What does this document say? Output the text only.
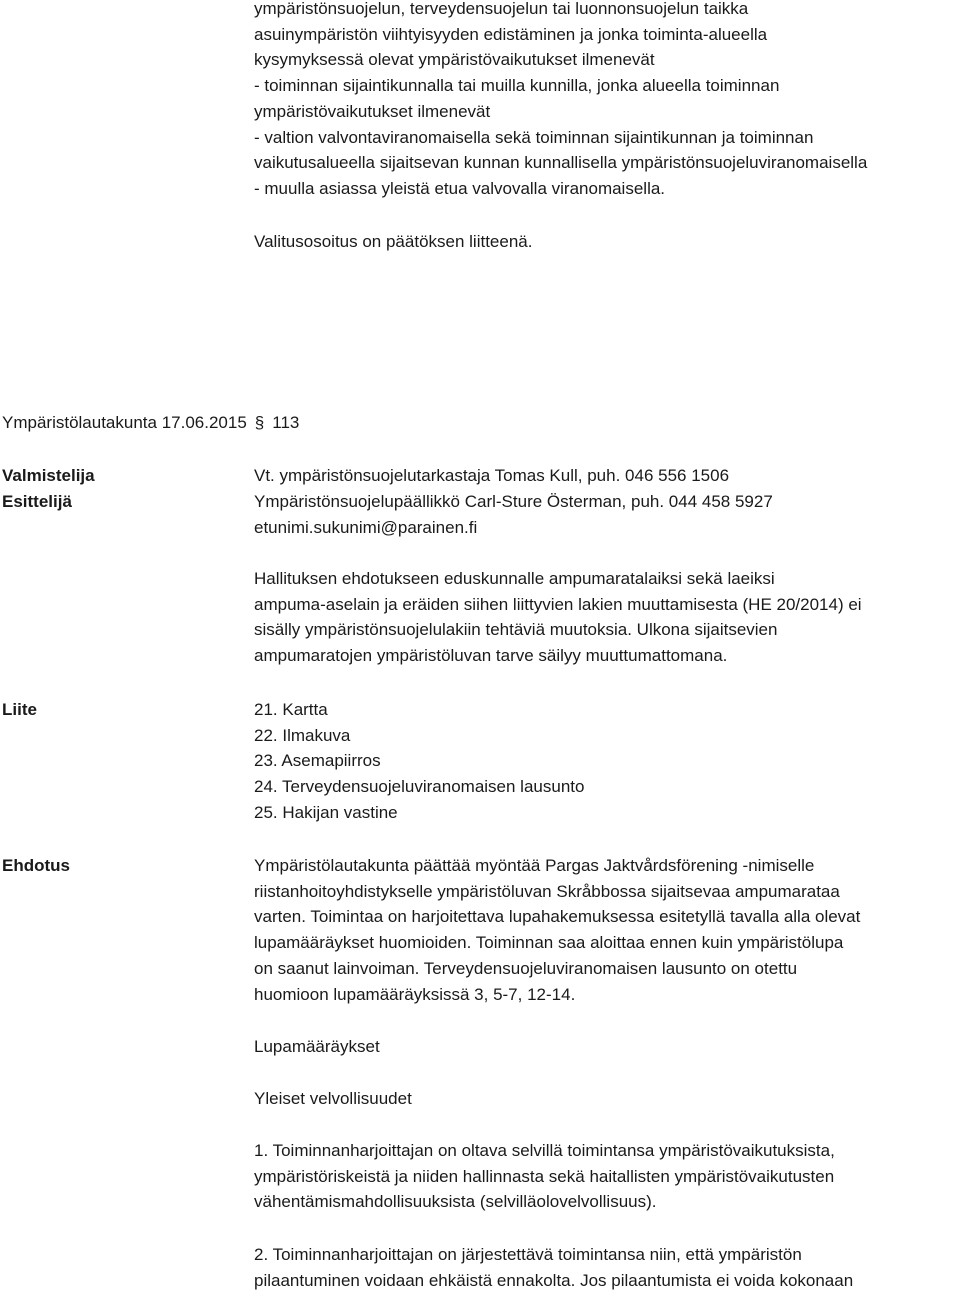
ympäristönsuojelun, terveydensuojelun tai luonnonsuojelun taikka
asuinympäristön viihtyisyyden edistäminen ja jonka toiminta-alueella
kysymyksessä olevat ympäristövaikutukset ilmenevät
- toiminnan sijaintikunnalla tai muilla kunnilla, jonka alueella toiminnan
ympäristövaikutukset ilmenevät
- valtion valvontaviranomaisella sekä toiminnan sijaintikunnan ja toiminnan
vaikutusalueella sijaitsevan kunnan kunnallisella ympäristönsuojeluviranomaisella
- muulla asiassa yleistä etua valvovalla viranomaisella.
Valitusosoitus on päätöksen liitteenä.
Ympäristölautakunta 17.06.2015 § 113
Valmistelija	Vt. ympäristönsuojelutarkastaja Tomas Kull, puh. 046 556 1506
Esittelijä	Ympäristönsuojelupäällikkö Carl-Sture Österman, puh. 044 458 5927
etunimi.sukunimi@parainen.fi
Hallituksen ehdotukseen eduskunnalle ampumaratalaiksi sekä laeiksi
ampuma-aselain ja eräiden siihen liittyvien lakien muuttamisesta (HE 20/2014) ei
sisälly ympäristönsuojelulakiin tehtäviä muutoksia. Ulkona sijaitsevien
ampumaratojen ympäristöluvan tarve säilyy muuttumattomana.
Liite	21. Kartta
22. Ilmakuva
23. Asemapiirros
24. Terveydensuojeluviranomaisen lausunto
25. Hakijan vastine
Ehdotus	Ympäristölautakunta päättää myöntää Pargas Jaktvårdsförening -nimiselle
riistanhoitoyhdistykselle ympäristöluvan Skråbbossa sijaitsevaa ampumarataa
varten. Toimintaa on harjoitettava lupahakemuksessa esitetyllä tavalla alla olevat
lupamääräykset huomioiden. Toiminnan saa aloittaa ennen kuin ympäristölupa
on saanut lainvoiman. Terveydensuojeluviranomaisen lausunto on otettu
huomioon lupamääräyksissä 3, 5-7, 12-14.
Lupamääräykset
Yleiset velvollisuudet
1. Toiminnanharjoittajan on oltava selvillä toimintansa ympäristövaikutuksista,
ympäristöriskeistä ja niiden hallinnasta sekä haitallisten ympäristövaikutusten
vähentämismahdollisuuksista (selvilläolovelvollisuus).
2. Toiminnanharjoittajan on järjestettävä toimintansa niin, että ympäristön
pilaantuminen voidaan ehkäistä ennakolta. Jos pilaantumista ei voida kokonaan
